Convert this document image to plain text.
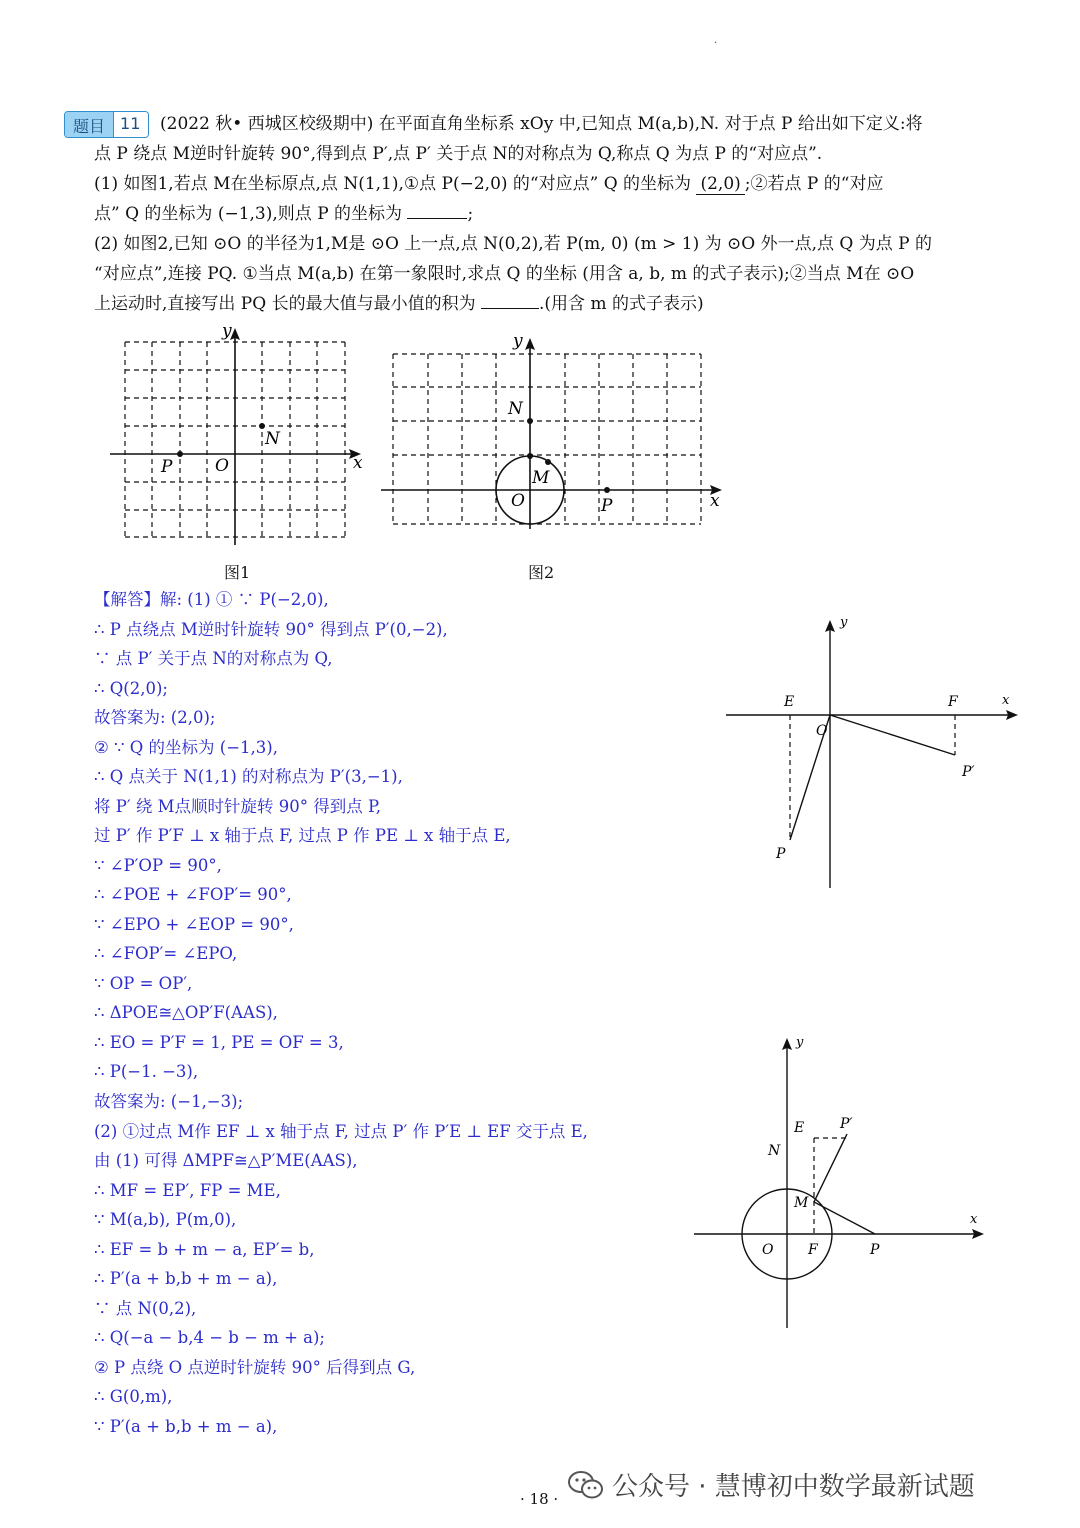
·
题目 11	(2022 秋• 西城区校级期中) 在平面直角坐标系 xOy 中,已知点 M(a,b),N. 对于点 P 给出如下定义:将
点 P 绕点 M逆时针旋转 90°,得到点 P′,点 P′ 关于点 N的对称点为 Q,称点 Q 为点 P 的“对应点”.
(1) 如图1,若点 M在坐标原点,点 N(1,1),①点 P(−2,0) 的“对应点” Q 的坐标为 (2,0) ;②若点 P 的“对应
点” Q 的坐标为 (−1,3),则点 P 的坐标为	;
(2) 如图2,已知 ⊙O 的半径为1,M是 ⊙O 上一点,点 N(0,2),若 P(m, 0) (m > 1) 为 ⊙O 外一点,点 Q 为点 P 的
“对应点”,连接 PQ. ①当点 M(a,b) 在第一象限时,求点 Q 的坐标 (用含 a, b, m 的式子表示);②当点 M在 ⊙O
上运动时,直接写出 PQ 长的最大值与最小值的积为	.(用含 m 的式子表示)
y
x
O
N
P
图1
y
x
N
M
O	P
图2
【解答】解: (1) ① ∵ P(−2,0),
∴ P 点绕点 M逆时针旋转 90° 得到点 P′(0,−2),
∵ 点 P′ 关于点 N的对称点为 Q,
∴ Q(2,0);
故答案为: (2,0);
② ∵ Q 的坐标为 (−1,3),
∴ Q 点关于 N(1,1) 的对称点为 P′(3,−1),
将 P′ 绕 M点顺时针旋转 90° 得到点 P,
过 P′ 作 P′F ⊥ x 轴于点 F, 过点 P 作 PE ⊥ x 轴于点 E,
∵ ∠P′OP = 90°,
∴ ∠POE + ∠FOP′= 90°,
∵ ∠EPO + ∠EOP = 90°,
∴ ∠FOP′= ∠EPO,
∵ OP = OP′,
∴ ΔPOE≅△OP′F(AAS),
∴ EO = P′F = 1, PE = OF = 3,
∴ P(−1. −3),
故答案为: (−1,−3);
(2) ①过点 M作 EF ⊥ x 轴于点 F, 过点 P′ 作 P′E ⊥ EF 交于点 E,
由 (1) 可得 ΔMPF≅△P′ME(AAS),
∴ MF = EP′, FP = ME,
∵ M(a,b), P(m,0),
∴ EF = b + m − a, EP′= b,
∴ P′(a + b,b + m − a),
∵ 点 N(0,2),
∴ Q(−a − b,4 − b − m + a);
② P 点绕 O 点逆时针旋转 90° 后得到点 G,
∴ G(0,m),
∵ P′(a + b,b + m − a),
y
x
E	F
O
P′
P
y
x
E	P′
N
M
O F	P
公众号 · 慧博初中数学最新试题
· 18 ·
